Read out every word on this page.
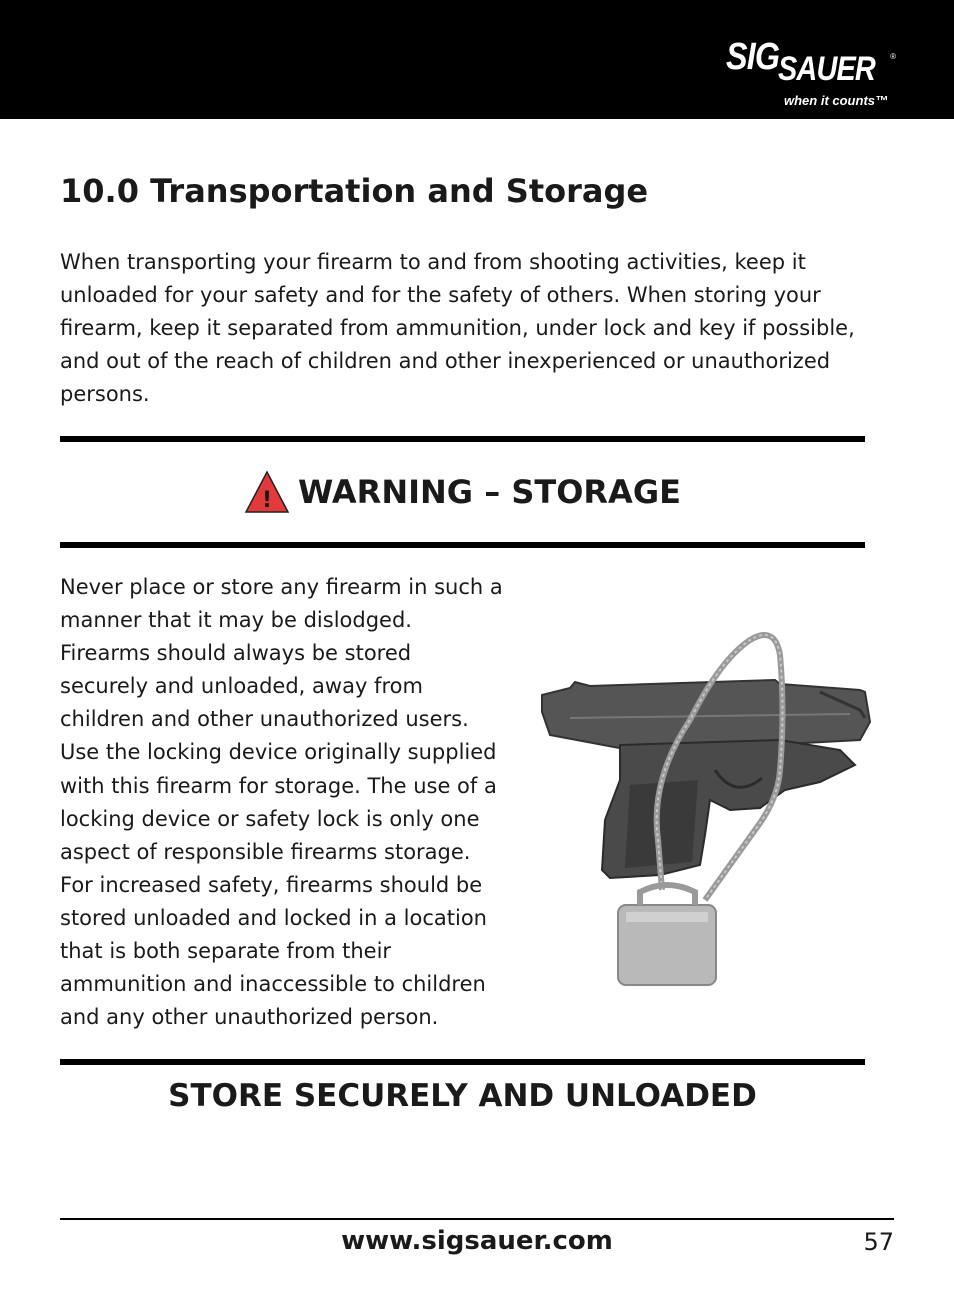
SIG
SAUER ®
when it counts™
10.0 Transportation and Storage

When transporting your firearm to and from shooting activities, keep it unloaded for your safety and for the safety of others. When storing your firearm, keep it separated from ammunition, under lock and key if possible, and out of the reach of children and other inexperienced or unauthorized persons.

! WARNING – STORAGE

Never place or store any firearm in such a manner that it may be dislodged. Firearms should always be stored securely and unloaded, away from children and other unauthorized users. Use the locking device originally supplied with this firearm for storage. The use of a locking device or safety lock is only one aspect of responsible firearms storage. For increased safety, firearms should be stored unloaded and locked in a location that is both separate from their ammunition and inaccessible to children and any other unauthorized person.

STORE SECURELY AND UNLOADED
www.sigsauer.com	57
